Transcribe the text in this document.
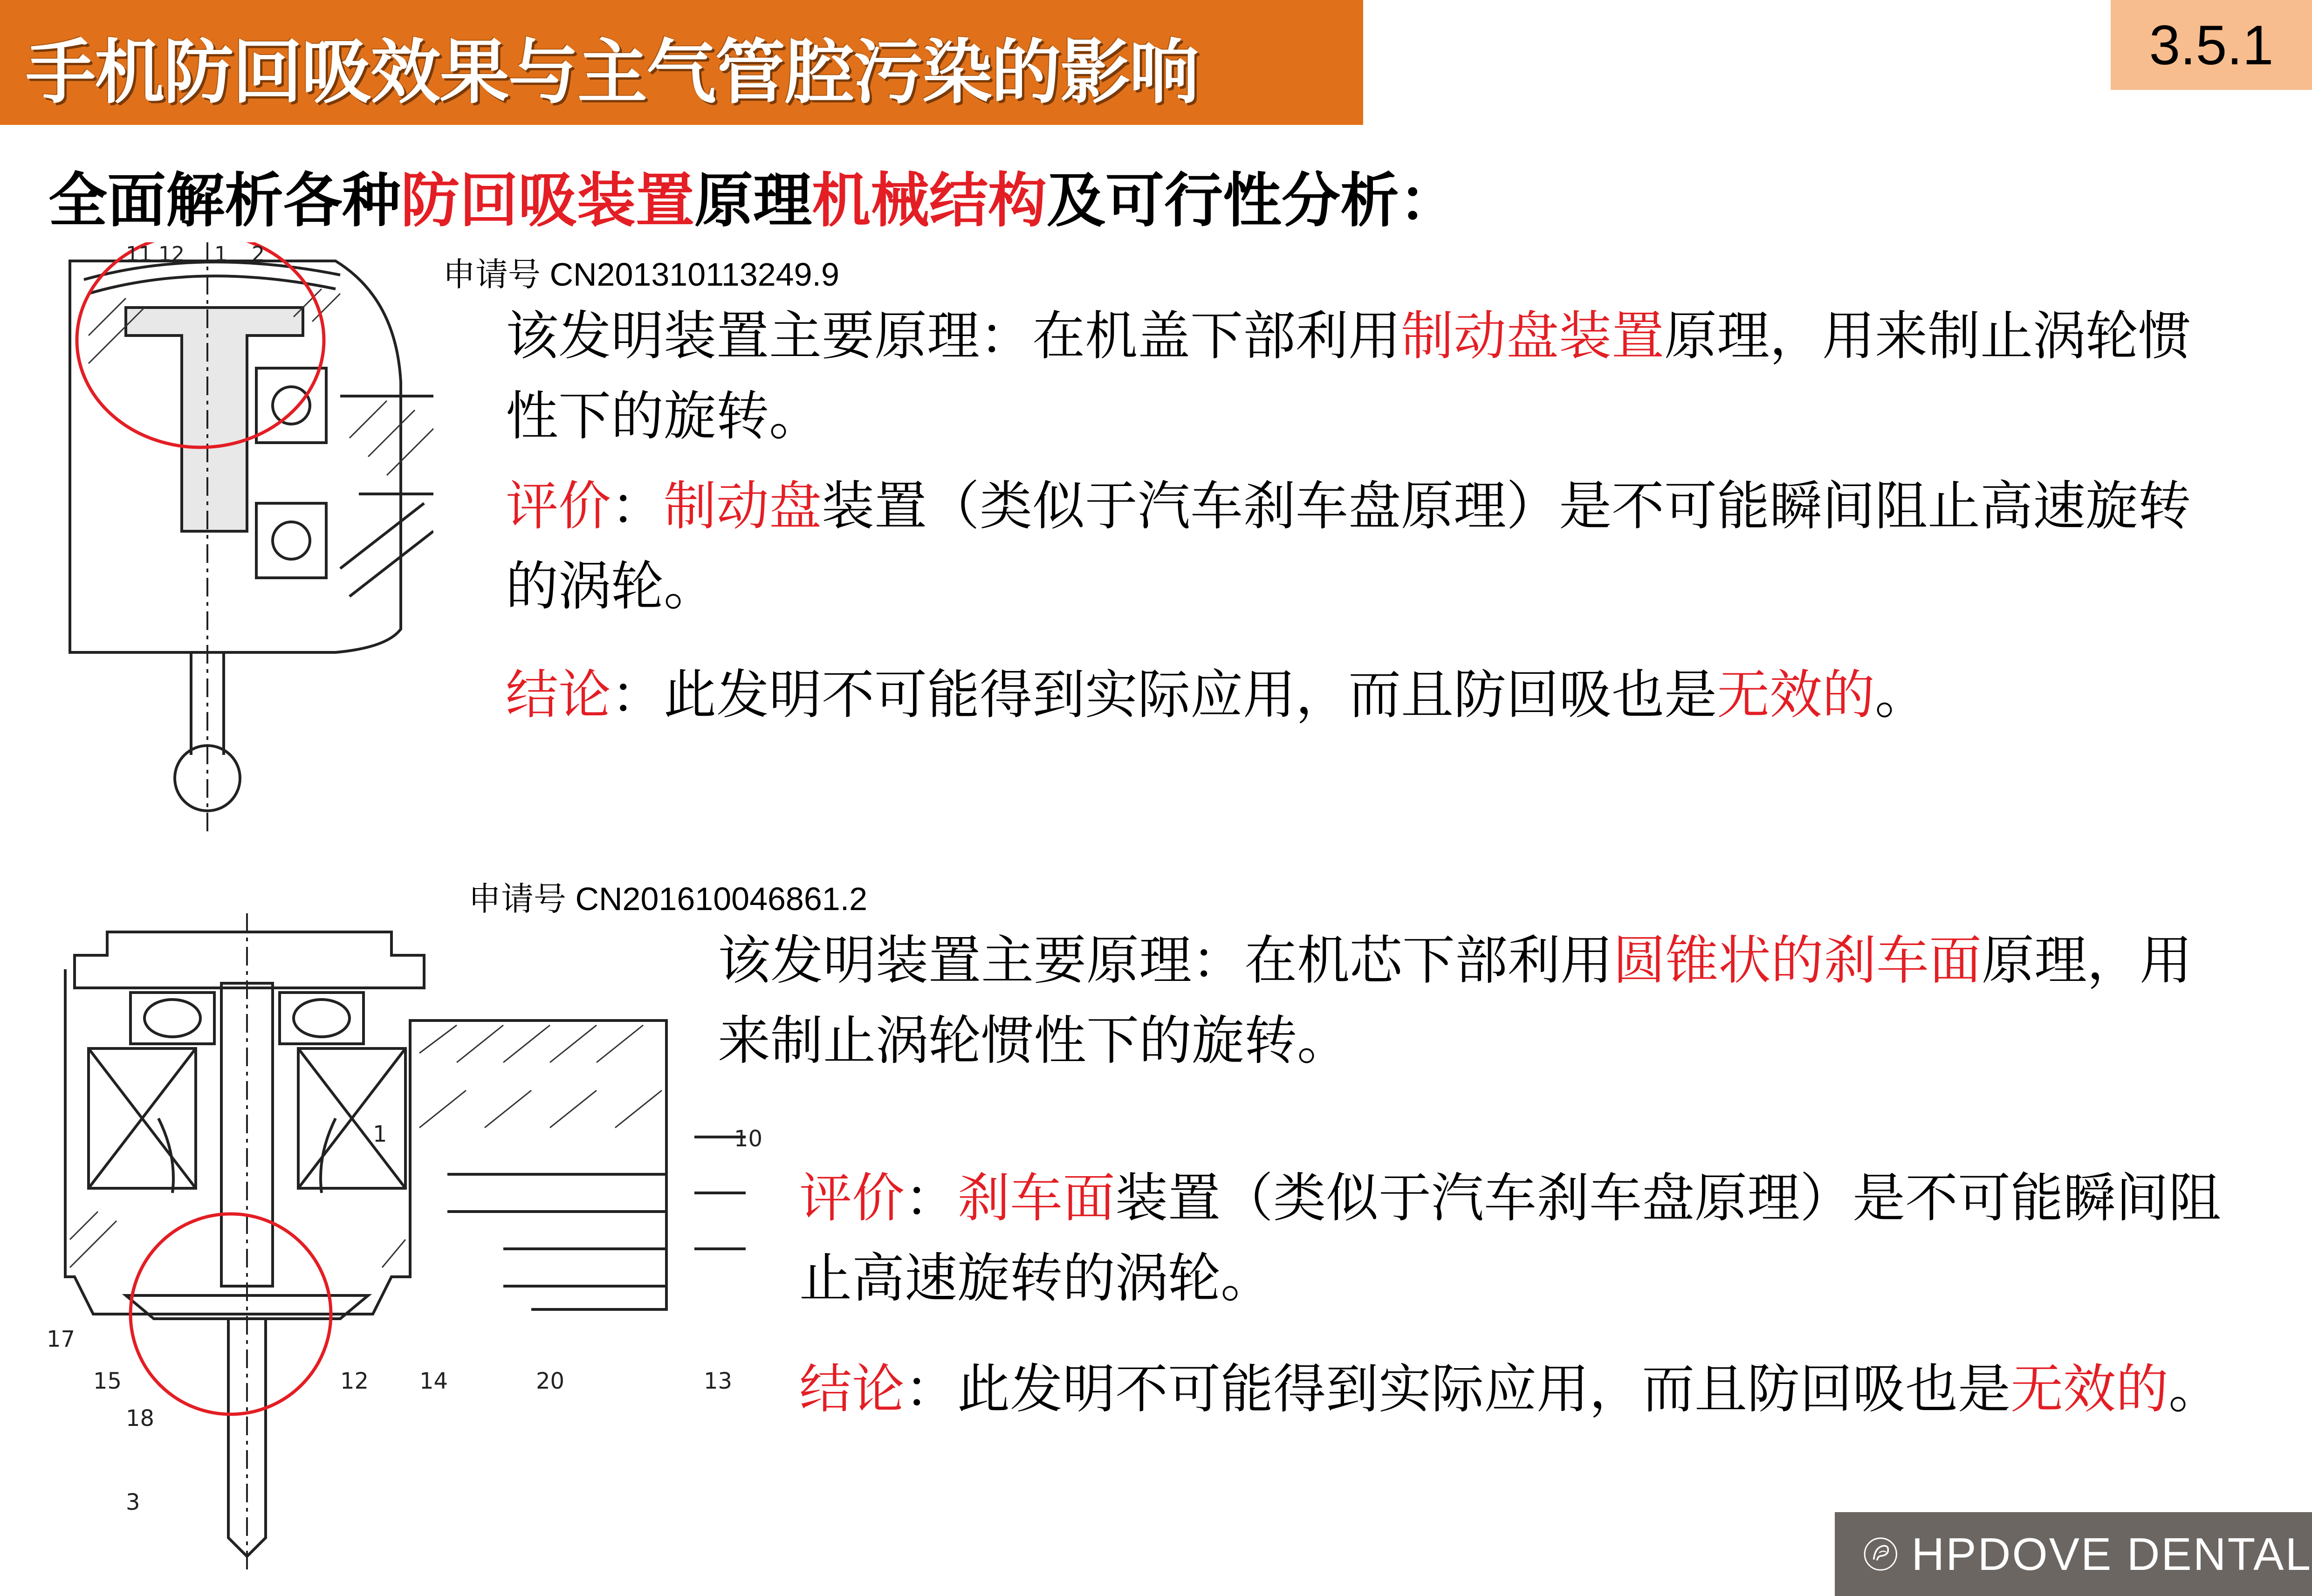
手机防回吸效果与主气管腔污染的影响	3.5.1
全面解析各种防回吸装置原理机械结构及可行性分析：
11 12 1 2
申请号 CN201310113249.9
该发明装置主要原理：在机盖下部利用制动盘装置原理，用来制止涡轮惯性下的旋转。
评价：制动盘装置（类似于汽车刹车盘原理）是不可能瞬间阻止高速旋转的涡轮。
结论：此发明不可能得到实际应用，而且防回吸也是无效的。
10
17
15
18
12 14	20	13
3
1
申请号 CN201610046861.2
该发明装置主要原理：在机芯下部利用圆锥状的刹车面原理，用来制止涡轮惯性下的旋转。
评价：刹车面装置（类似于汽车刹车盘原理）是不可能瞬间阻止高速旋转的涡轮。
结论：此发明不可能得到实际应用，而且防回吸也是无效的。
HPDOVE DENTAL
